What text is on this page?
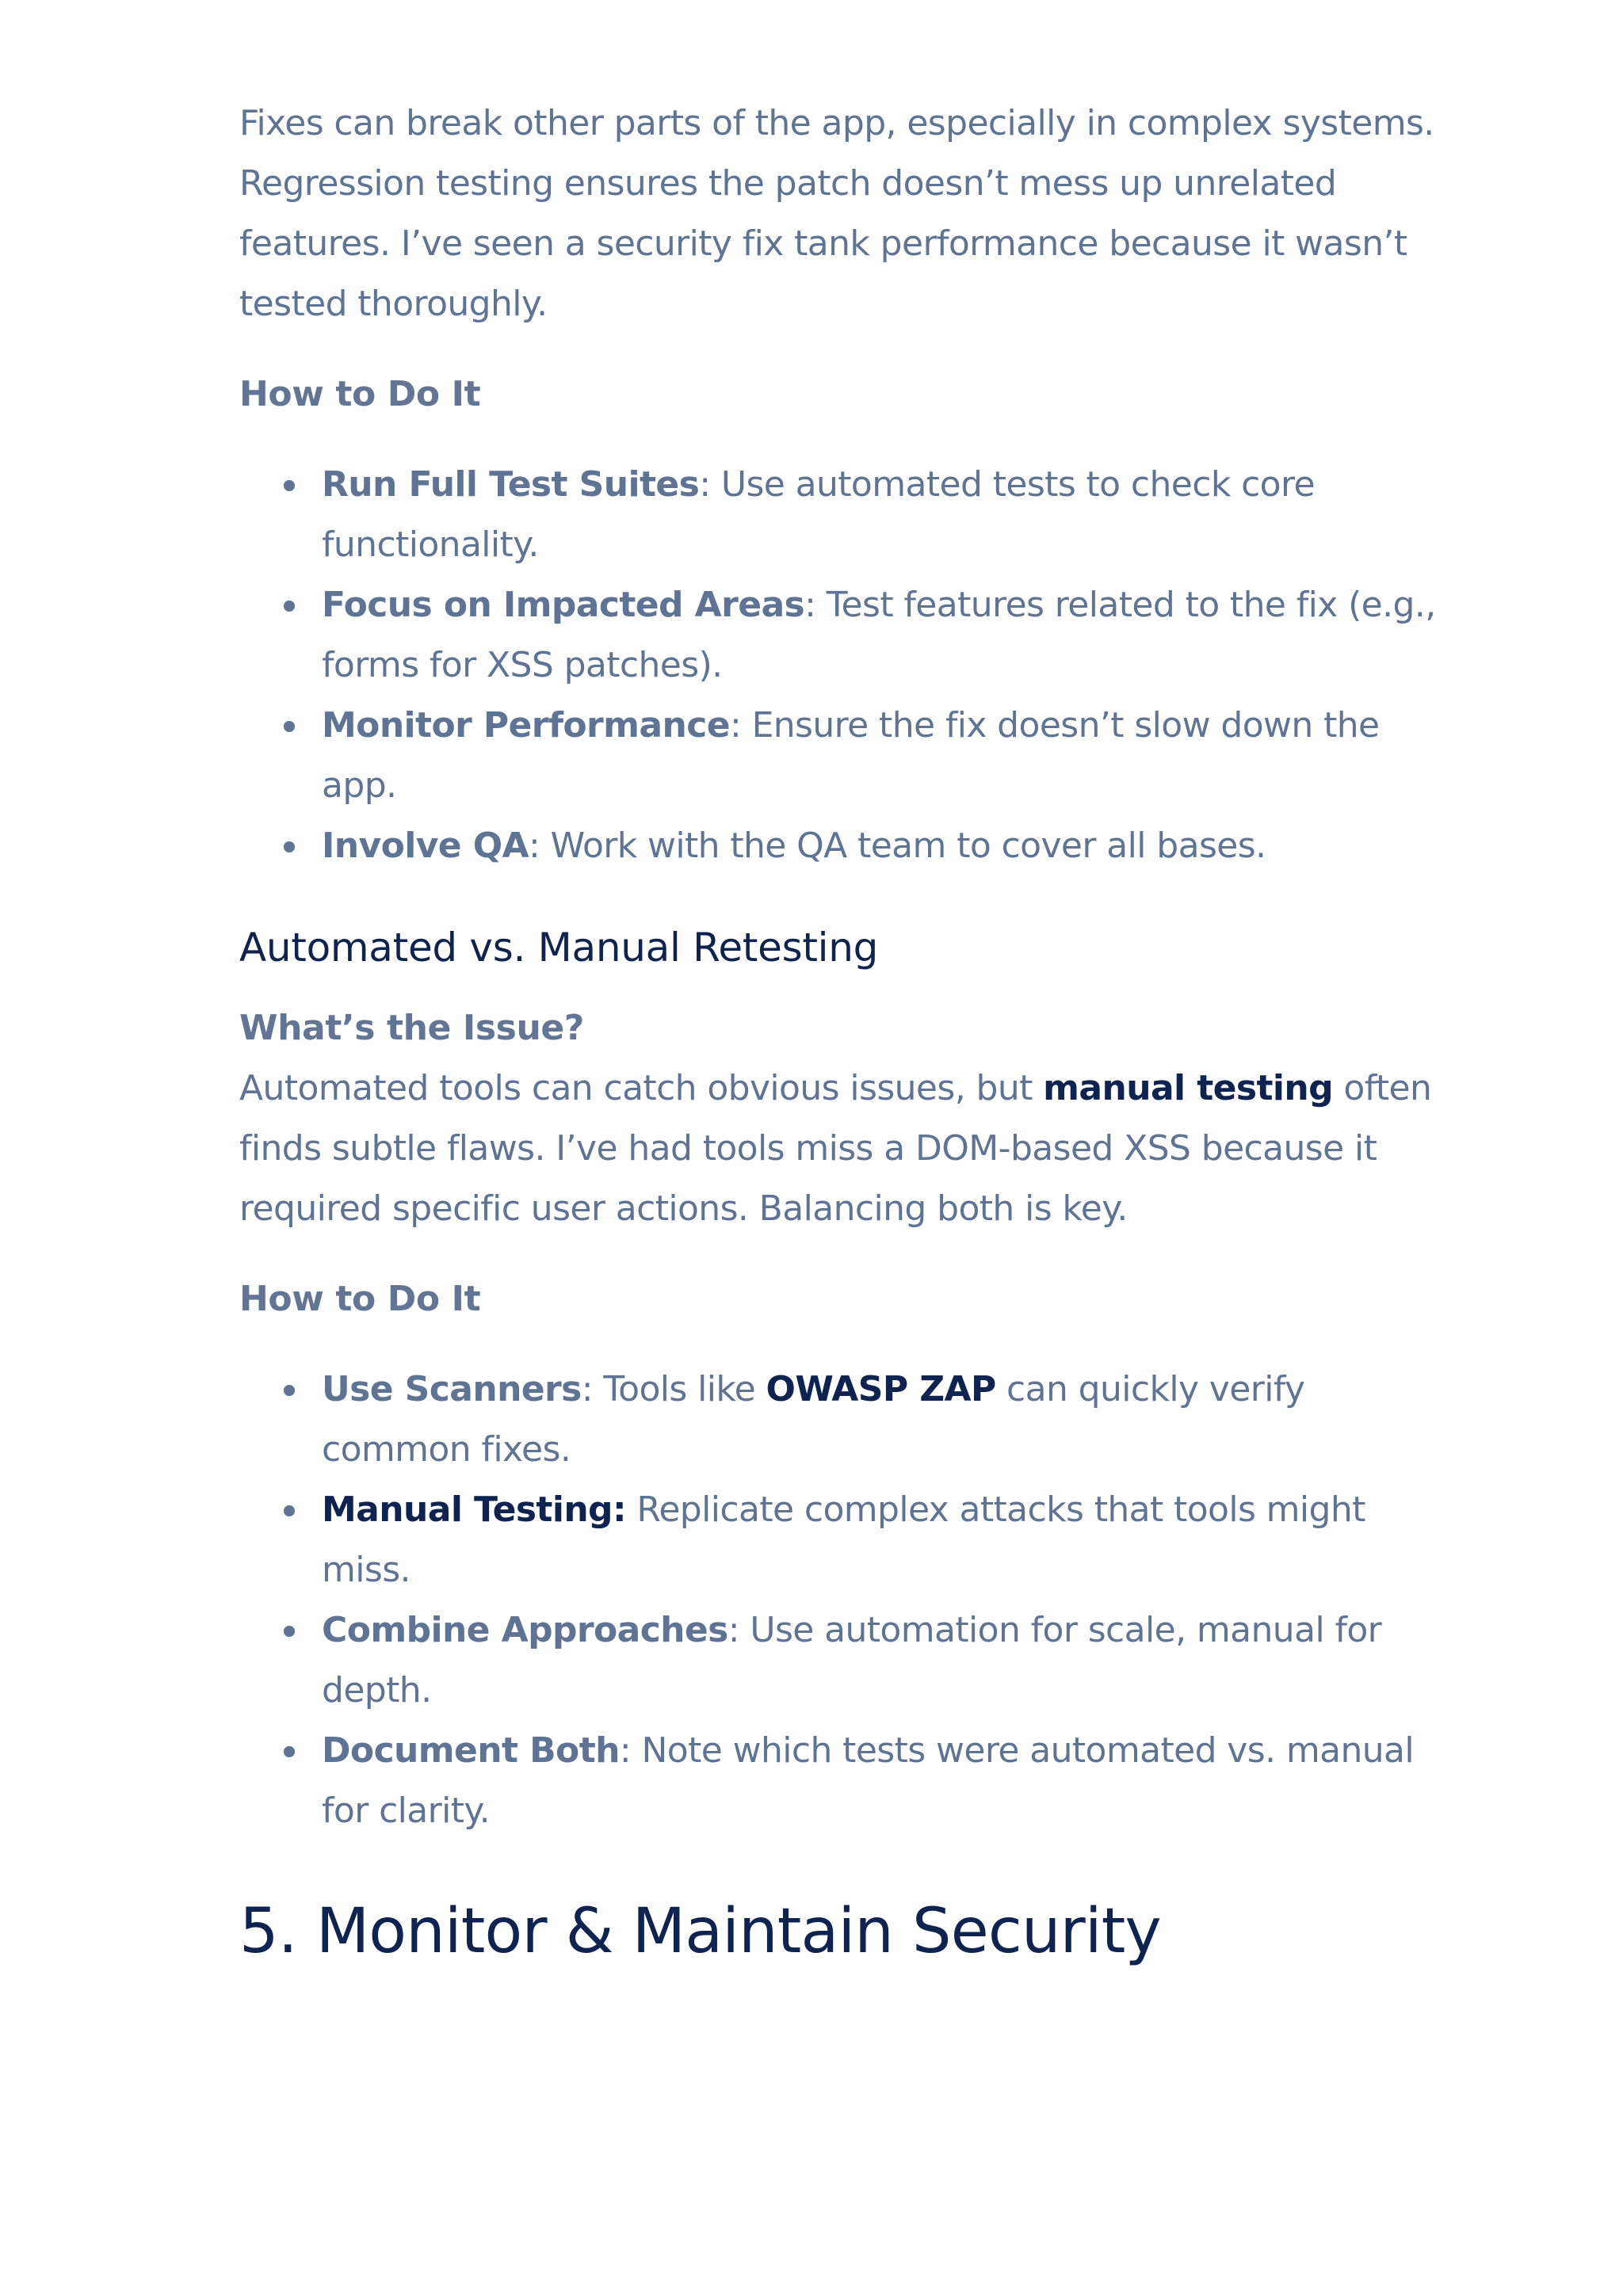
Fixes can break other parts of the app, especially in complex systems. Regression testing ensures the patch doesn’t mess up unrelated features. I’ve seen a security fix tank performance because it wasn’t tested thoroughly.

How to Do It
Run Full Test Suites: Use automated tests to check core functionality.
Focus on Impacted Areas: Test features related to the fix (e.g., forms for XSS patches).
Monitor Performance: Ensure the fix doesn’t slow down the app.
Involve QA: Work with the QA team to cover all bases.
Automated vs. Manual Retesting
What’s the Issue?

Automated tools can catch obvious issues, but manual testing often finds subtle flaws. I’ve had tools miss a DOM-based XSS because it required specific user actions. Balancing both is key.

How to Do It
Use Scanners: Tools like OWASP ZAP can quickly verify common fixes.
Manual Testing: Replicate complex attacks that tools might miss.
Combine Approaches: Use automation for scale, manual for depth.
Document Both: Note which tests were automated vs. manual for clarity.
5. Monitor & Maintain Security
